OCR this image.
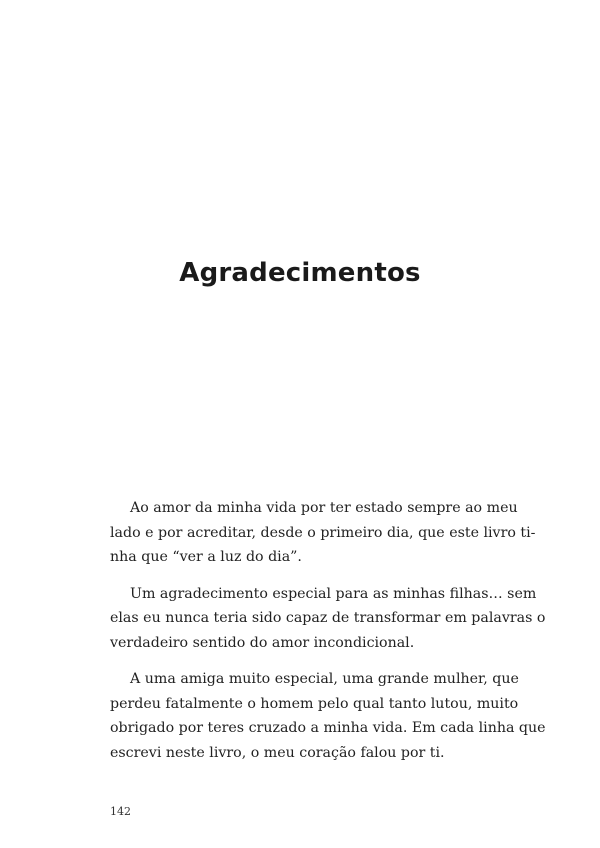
Agradecimentos

Ao amor da minha vida por ter estado sempre ao meu
lado e por acreditar, desde o primeiro dia, que este livro ti-
nha que “ver a luz do dia”.

Um agradecimento especial para as minhas filhas… sem
elas eu nunca teria sido capaz de transformar em palavras o
verdadeiro sentido do amor incondicional.

A uma amiga muito especial, uma grande mulher, que
perdeu fatalmente o homem pelo qual tanto lutou, muito
obrigado por teres cruzado a minha vida. Em cada linha que
escrevi neste livro, o meu coração falou por ti.

142
